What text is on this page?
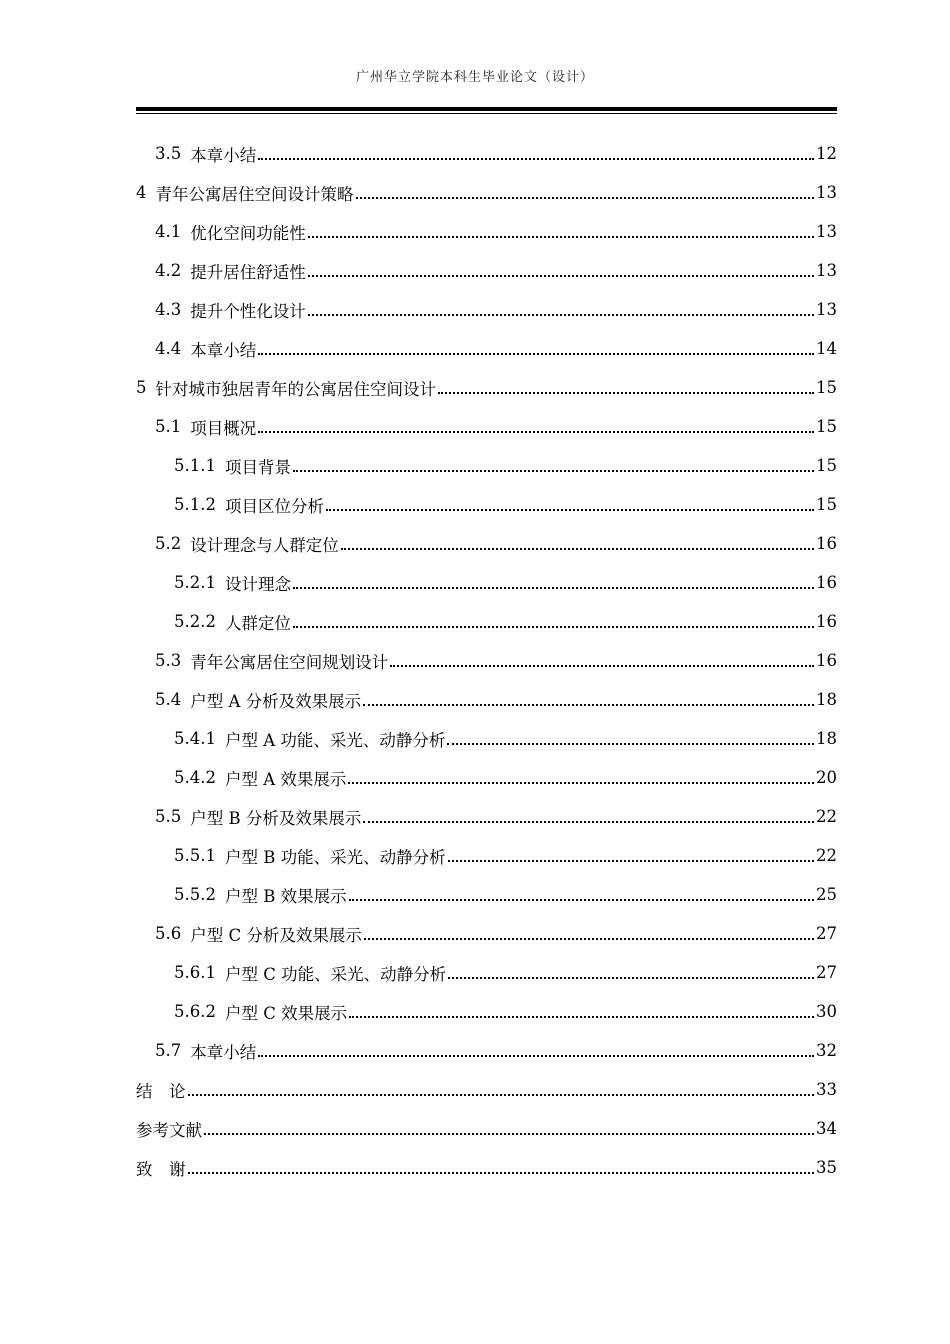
广州华立学院本科生毕业论文（设计）
3.5 本章小结	12
4 青年公寓居住空间设计策略	13
4.1 优化空间功能性	13
4.2 提升居住舒适性	13
4.3 提升个性化设计	13
4.4 本章小结	14
5 针对城市独居青年的公寓居住空间设计	15
5.1 项目概况	15
5.1.1 项目背景	15
5.1.2 项目区位分析	15
5.2 设计理念与人群定位	16
5.2.1 设计理念	16
5.2.2 人群定位	16
5.3 青年公寓居住空间规划设计	16
5.4 户型 A 分析及效果展示	18
5.4.1 户型 A 功能、采光、动静分析	18
5.4.2 户型 A 效果展示	20
5.5 户型 B 分析及效果展示	22
5.5.1 户型 B 功能、采光、动静分析	22
5.5.2 户型 B 效果展示	25
5.6 户型 C 分析及效果展示	27
5.6.1 户型 C 功能、采光、动静分析	27
5.6.2 户型 C 效果展示	30
5.7 本章小结	32
结　论	33
参考文献	34
致　谢	35
